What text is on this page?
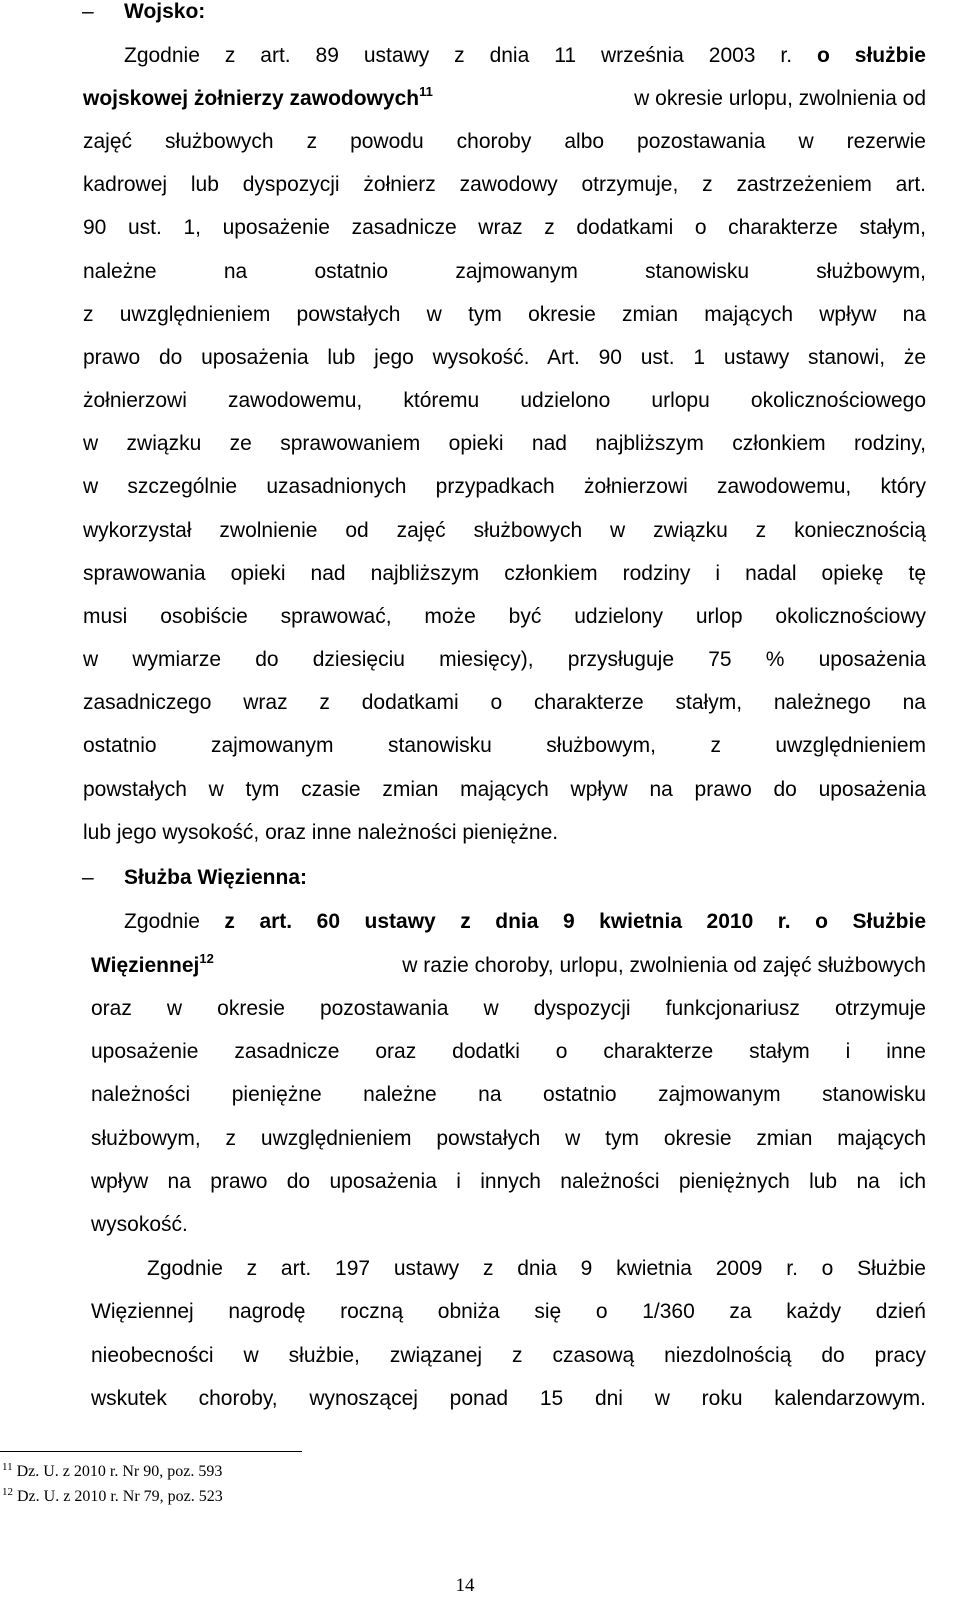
– Wojsko:
Zgodnie z art. 89 ustawy z dnia 11 września 2003 r. o służbie
wojskowej żołnierzy zawodowych$^{11}$	w okresie urlopu, zwolnienia od
zajęć służbowych z powodu choroby albo pozostawania w rezerwie
kadrowej lub dyspozycji żołnierz zawodowy otrzymuje, z zastrzeżeniem art.
90 ust. 1, uposażenie zasadnicze wraz z dodatkami o charakterze stałym,
należne na ostatnio zajmowanym stanowisku służbowym,
z uwzględnieniem powstałych w tym okresie zmian mających wpływ na
prawo do uposażenia lub jego wysokość. Art. 90 ust. 1 ustawy stanowi, że
żołnierzowi zawodowemu, któremu udzielono urlopu okolicznościowego
w związku ze sprawowaniem opieki nad najbliższym członkiem rodziny,
w szczególnie uzasadnionych przypadkach żołnierzowi zawodowemu, który
wykorzystał zwolnienie od zajęć służbowych w związku z koniecznością
sprawowania opieki nad najbliższym członkiem rodziny i nadal opiekę tę
musi osobiście sprawować, może być udzielony urlop okolicznościowy
w wymiarze do dziesięciu miesięcy), przysługuje 75 % uposażenia
zasadniczego wraz z dodatkami o charakterze stałym, należnego na
ostatnio zajmowanym stanowisku służbowym, z uwzględnieniem
powstałych w tym czasie zmian mających wpływ na prawo do uposażenia
lub jego wysokość, oraz inne należności pieniężne.
– Służba Więzienna:
Zgodnie z art. 60 ustawy z dnia 9 kwietnia 2010 r. o Służbie
Więziennej$^{12}$	w razie choroby, urlopu, zwolnienia od zajęć służbowych
oraz w okresie pozostawania w dyspozycji funkcjonariusz otrzymuje
uposażenie zasadnicze oraz dodatki o charakterze stałym i inne
należności pieniężne należne na ostatnio zajmowanym stanowisku
służbowym, z uwzględnieniem powstałych w tym okresie zmian mających
wpływ na prawo do uposażenia i innych należności pieniężnych lub na ich
wysokość.
Zgodnie z art. 197 ustawy z dnia 9 kwietnia 2009 r. o Służbie
Więziennej nagrodę roczną obniża się o 1/360 za każdy dzień
nieobecności w służbie, związanej z czasową niezdolnością do pracy
wskutek choroby, wynoszącej ponad 15 dni w roku kalendarzowym.
$^{11}$ Dz. U. z 2010 r. Nr 90, poz. 593
$^{12}$ Dz. U. z 2010 r. Nr 79, poz. 523
14
